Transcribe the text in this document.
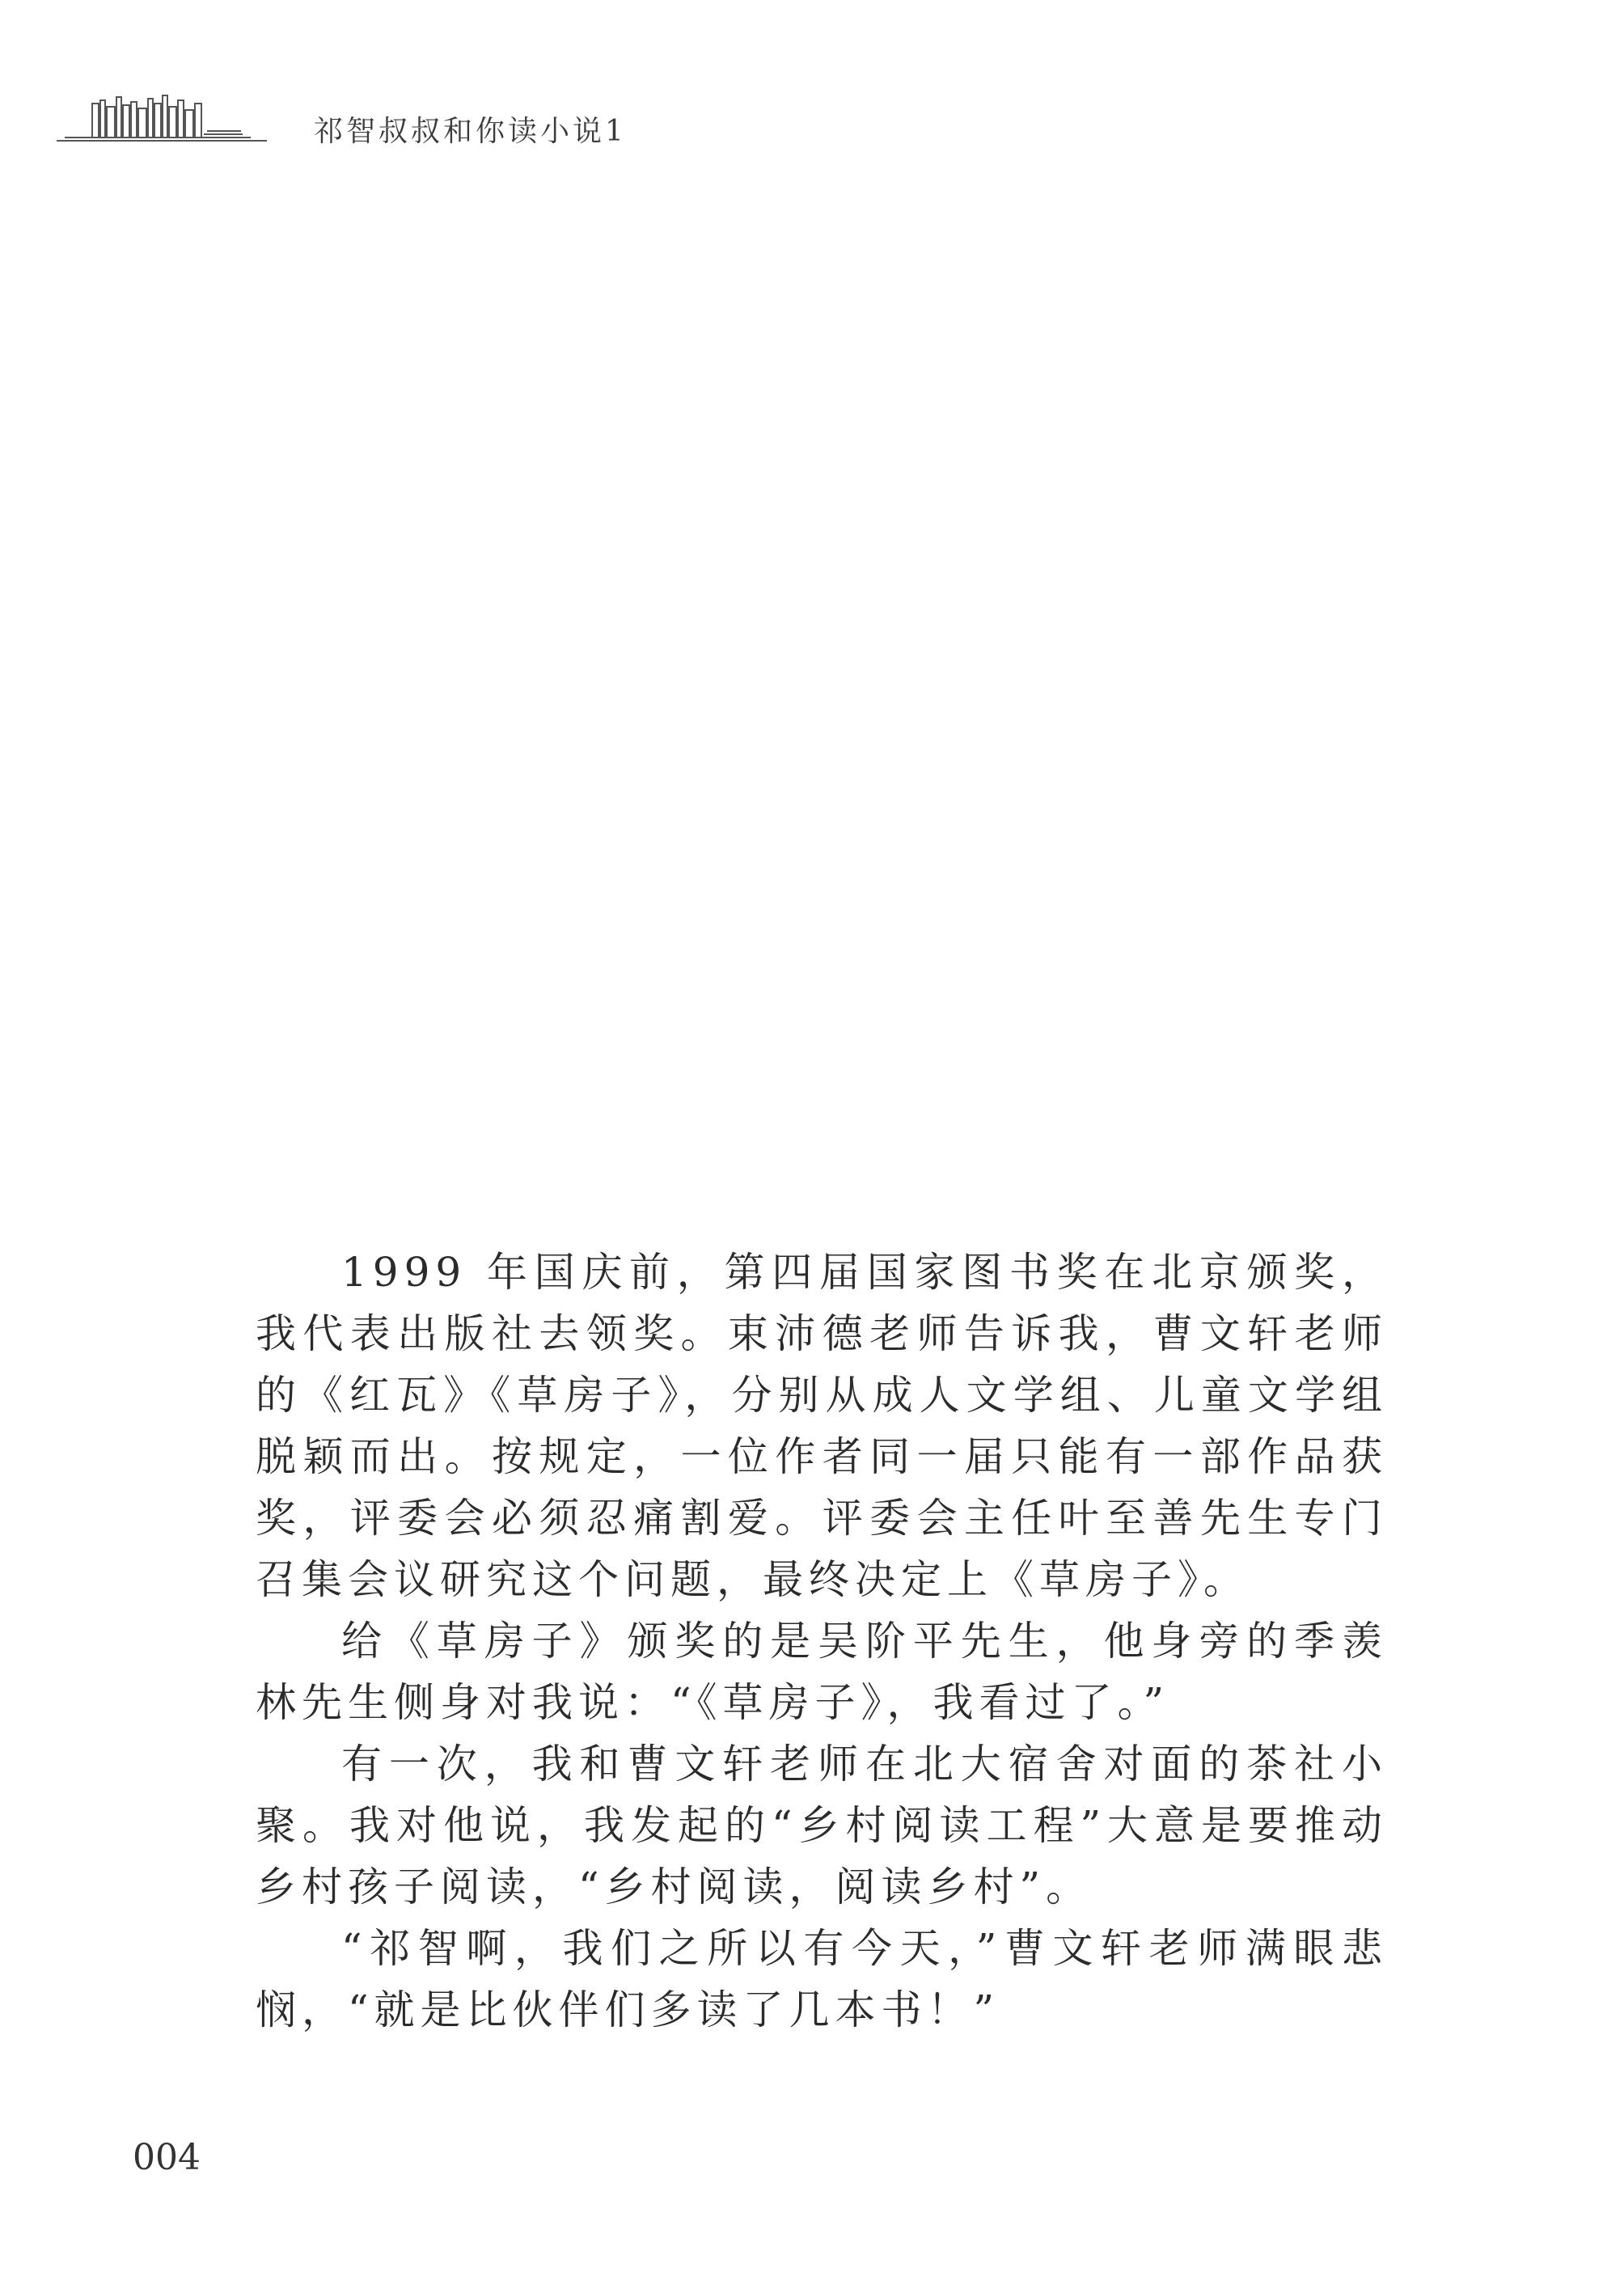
祁智叔叔和你读小说1

1999 年国庆前，第四届国家图书奖在北京颁奖，我代表出版社去领奖。束沛德老师告诉我，曹文轩老师的《红瓦》《草房子》，分别从成人文学组、儿童文学组脱颖而出。按规定，一位作者同一届只能有一部作品获奖，评委会必须忍痛割爱。评委会主任叶至善先生专门召集会议研究这个问题，最终决定上《草房子》。

给《草房子》颁奖的是吴阶平先生，他身旁的季羡林先生侧身对我说：“《草房子》，我看过了。”

有一次，我和曹文轩老师在北大宿舍对面的茶社小聚。我对他说，我发起的“乡村阅读工程”大意是要推动乡村孩子阅读，“乡村阅读，阅读乡村”。

“祁智啊，我们之所以有今天，”曹文轩老师满眼悲悯，“就是比伙伴们多读了几本书！”

004
